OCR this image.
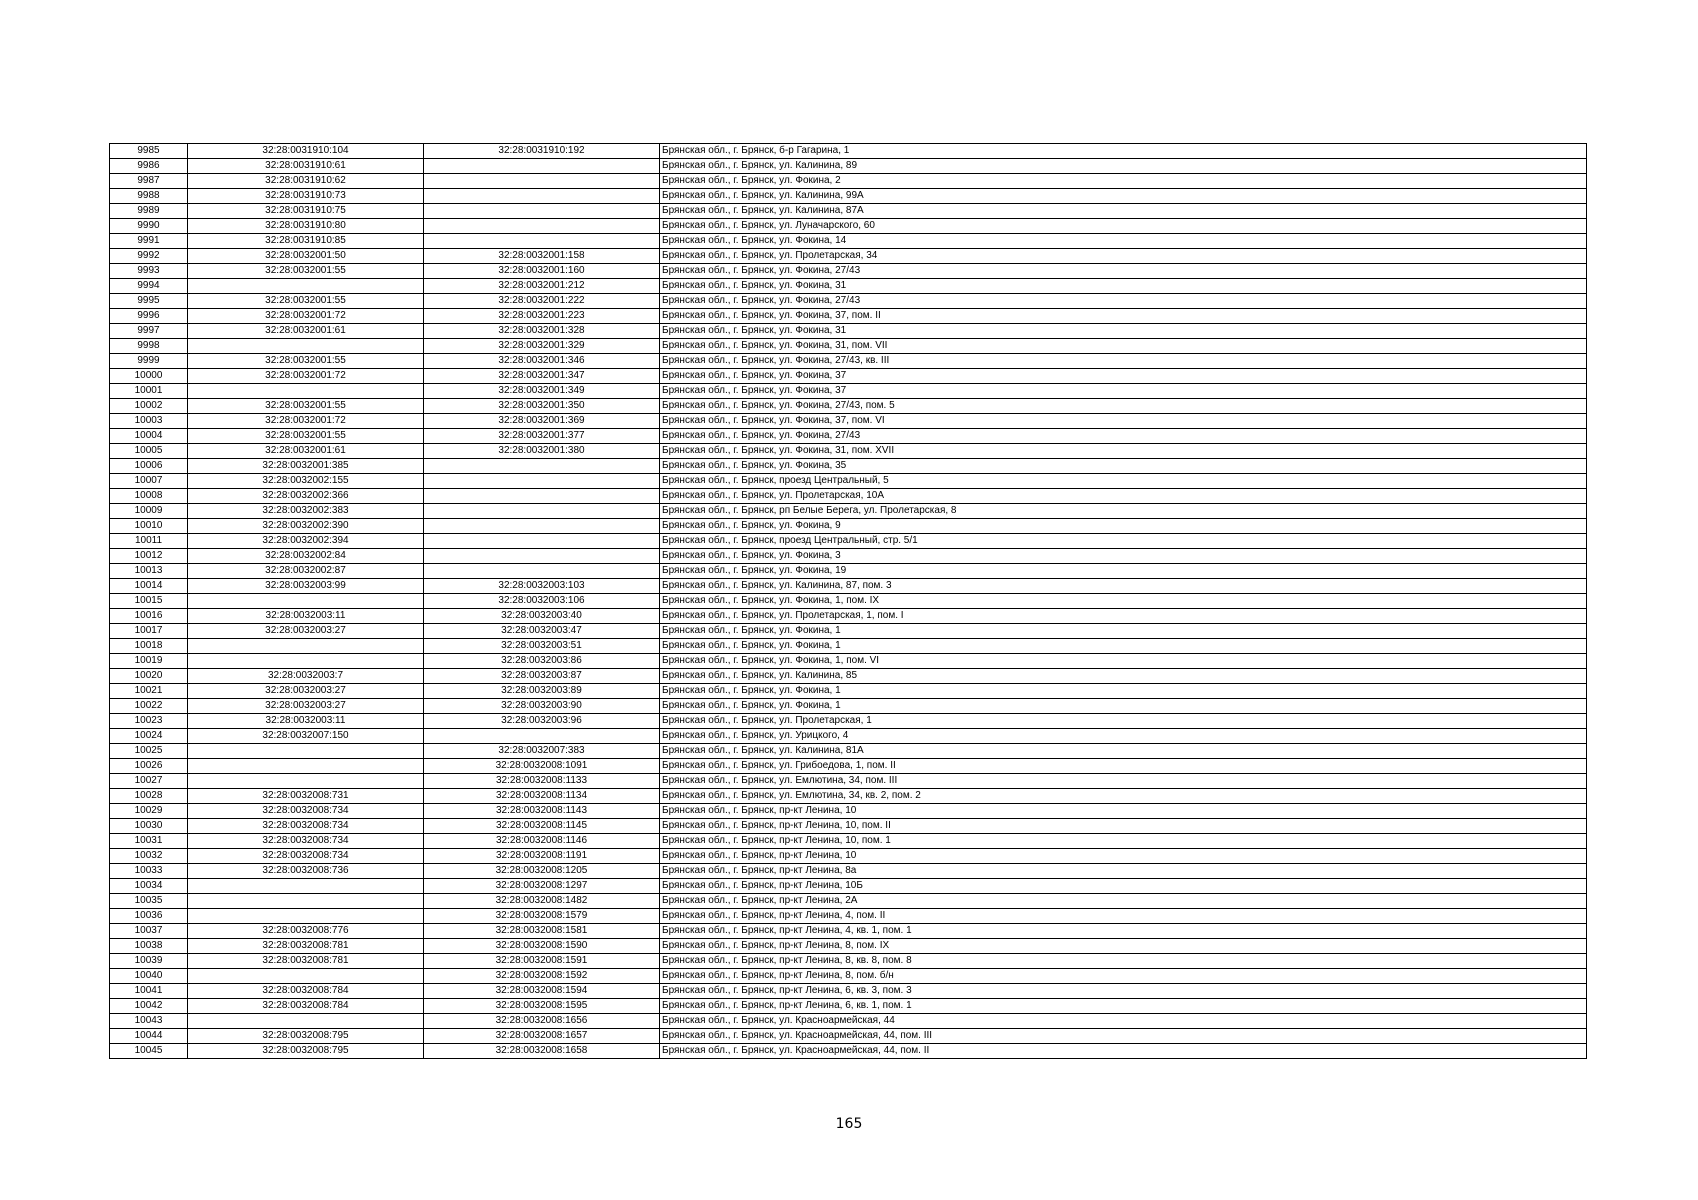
9985	32:28:0031910:104	32:28:0031910:192	Брянская обл., г. Брянск, б-р Гагарина, 1
9986	32:28:0031910:61		Брянская обл., г. Брянск, ул. Калинина, 89
9987	32:28:0031910:62		Брянская обл., г. Брянск, ул. Фокина, 2
9988	32:28:0031910:73		Брянская обл., г. Брянск, ул. Калинина, 99А
9989	32:28:0031910:75		Брянская обл., г. Брянск, ул. Калинина, 87А
9990	32:28:0031910:80		Брянская обл., г. Брянск, ул. Луначарского, 60
9991	32:28:0031910:85		Брянская обл., г. Брянск, ул. Фокина, 14
9992	32:28:0032001:50	32:28:0032001:158	Брянская обл., г. Брянск, ул. Пролетарская, 34
9993	32:28:0032001:55	32:28:0032001:160	Брянская обл., г. Брянск, ул. Фокина, 27/43
9994		32:28:0032001:212	Брянская обл., г. Брянск, ул. Фокина, 31
9995	32:28:0032001:55	32:28:0032001:222	Брянская обл., г. Брянск, ул. Фокина, 27/43
9996	32:28:0032001:72	32:28:0032001:223	Брянская обл., г. Брянск, ул. Фокина, 37, пом. II
9997	32:28:0032001:61	32:28:0032001:328	Брянская обл., г. Брянск, ул. Фокина, 31
9998		32:28:0032001:329	Брянская обл., г. Брянск, ул. Фокина, 31, пом. VII
9999	32:28:0032001:55	32:28:0032001:346	Брянская обл., г. Брянск, ул. Фокина, 27/43, кв. III
10000	32:28:0032001:72	32:28:0032001:347	Брянская обл., г. Брянск, ул. Фокина, 37
10001		32:28:0032001:349	Брянская обл., г. Брянск, ул. Фокина, 37
10002	32:28:0032001:55	32:28:0032001:350	Брянская обл., г. Брянск, ул. Фокина, 27/43, пом. 5
10003	32:28:0032001:72	32:28:0032001:369	Брянская обл., г. Брянск, ул. Фокина, 37, пом. VI
10004	32:28:0032001:55	32:28:0032001:377	Брянская обл., г. Брянск, ул. Фокина, 27/43
10005	32:28:0032001:61	32:28:0032001:380	Брянская обл., г. Брянск, ул. Фокина, 31, пом. XVII
10006	32:28:0032001:385		Брянская обл., г. Брянск, ул. Фокина, 35
10007	32:28:0032002:155		Брянская обл., г. Брянск, проезд Центральный, 5
10008	32:28:0032002:366		Брянская обл., г. Брянск, ул. Пролетарская, 10А
10009	32:28:0032002:383		Брянская обл., г. Брянск, рп Белые Берега, ул. Пролетарская, 8
10010	32:28:0032002:390		Брянская обл., г. Брянск, ул. Фокина, 9
10011	32:28:0032002:394		Брянская обл., г. Брянск, проезд Центральный, стр. 5/1
10012	32:28:0032002:84		Брянская обл., г. Брянск, ул. Фокина, 3
10013	32:28:0032002:87		Брянская обл., г. Брянск, ул. Фокина, 19
10014	32:28:0032003:99	32:28:0032003:103	Брянская обл., г. Брянск, ул. Калинина, 87, пом. 3
10015		32:28:0032003:106	Брянская обл., г. Брянск, ул. Фокина, 1, пом. IX
10016	32:28:0032003:11	32:28:0032003:40	Брянская обл., г. Брянск, ул. Пролетарская, 1, пом. I
10017	32:28:0032003:27	32:28:0032003:47	Брянская обл., г. Брянск, ул. Фокина, 1
10018		32:28:0032003:51	Брянская обл., г. Брянск, ул. Фокина, 1
10019		32:28:0032003:86	Брянская обл., г. Брянск, ул. Фокина, 1, пом. VI
10020	32:28:0032003:7	32:28:0032003:87	Брянская обл., г. Брянск, ул. Калинина, 85
10021	32:28:0032003:27	32:28:0032003:89	Брянская обл., г. Брянск, ул. Фокина, 1
10022	32:28:0032003:27	32:28:0032003:90	Брянская обл., г. Брянск, ул. Фокина, 1
10023	32:28:0032003:11	32:28:0032003:96	Брянская обл., г. Брянск, ул. Пролетарская, 1
10024	32:28:0032007:150		Брянская обл., г. Брянск, ул. Урицкого, 4
10025		32:28:0032007:383	Брянская обл., г. Брянск, ул. Калинина, 81А
10026		32:28:0032008:1091	Брянская обл., г. Брянск, ул. Грибоедова, 1, пом. II
10027		32:28:0032008:1133	Брянская обл., г. Брянск, ул. Емлютина, 34, пом. III
10028	32:28:0032008:731	32:28:0032008:1134	Брянская обл., г. Брянск, ул. Емлютина, 34, кв. 2, пом. 2
10029	32:28:0032008:734	32:28:0032008:1143	Брянская обл., г. Брянск, пр-кт Ленина, 10
10030	32:28:0032008:734	32:28:0032008:1145	Брянская обл., г. Брянск, пр-кт Ленина, 10, пом. II
10031	32:28:0032008:734	32:28:0032008:1146	Брянская обл., г. Брянск, пр-кт Ленина, 10, пом. 1
10032	32:28:0032008:734	32:28:0032008:1191	Брянская обл., г. Брянск, пр-кт Ленина, 10
10033	32:28:0032008:736	32:28:0032008:1205	Брянская обл., г. Брянск, пр-кт Ленина, 8а
10034		32:28:0032008:1297	Брянская обл., г. Брянск, пр-кт Ленина, 10Б
10035		32:28:0032008:1482	Брянская обл., г. Брянск, пр-кт Ленина, 2А
10036		32:28:0032008:1579	Брянская обл., г. Брянск, пр-кт Ленина, 4, пом. II
10037	32:28:0032008:776	32:28:0032008:1581	Брянская обл., г. Брянск, пр-кт Ленина, 4, кв. 1, пом. 1
10038	32:28:0032008:781	32:28:0032008:1590	Брянская обл., г. Брянск, пр-кт Ленина, 8, пом. IX
10039	32:28:0032008:781	32:28:0032008:1591	Брянская обл., г. Брянск, пр-кт Ленина, 8, кв. 8, пом. 8
10040		32:28:0032008:1592	Брянская обл., г. Брянск, пр-кт Ленина, 8, пом. б/н
10041	32:28:0032008:784	32:28:0032008:1594	Брянская обл., г. Брянск, пр-кт Ленина, 6, кв. 3, пом. 3
10042	32:28:0032008:784	32:28:0032008:1595	Брянская обл., г. Брянск, пр-кт Ленина, 6, кв. 1, пом. 1
10043		32:28:0032008:1656	Брянская обл., г. Брянск, ул. Красноармейская, 44
10044	32:28:0032008:795	32:28:0032008:1657	Брянская обл., г. Брянск, ул. Красноармейская, 44, пом. III
10045	32:28:0032008:795	32:28:0032008:1658	Брянская обл., г. Брянск, ул. Красноармейская, 44, пом. II
165
